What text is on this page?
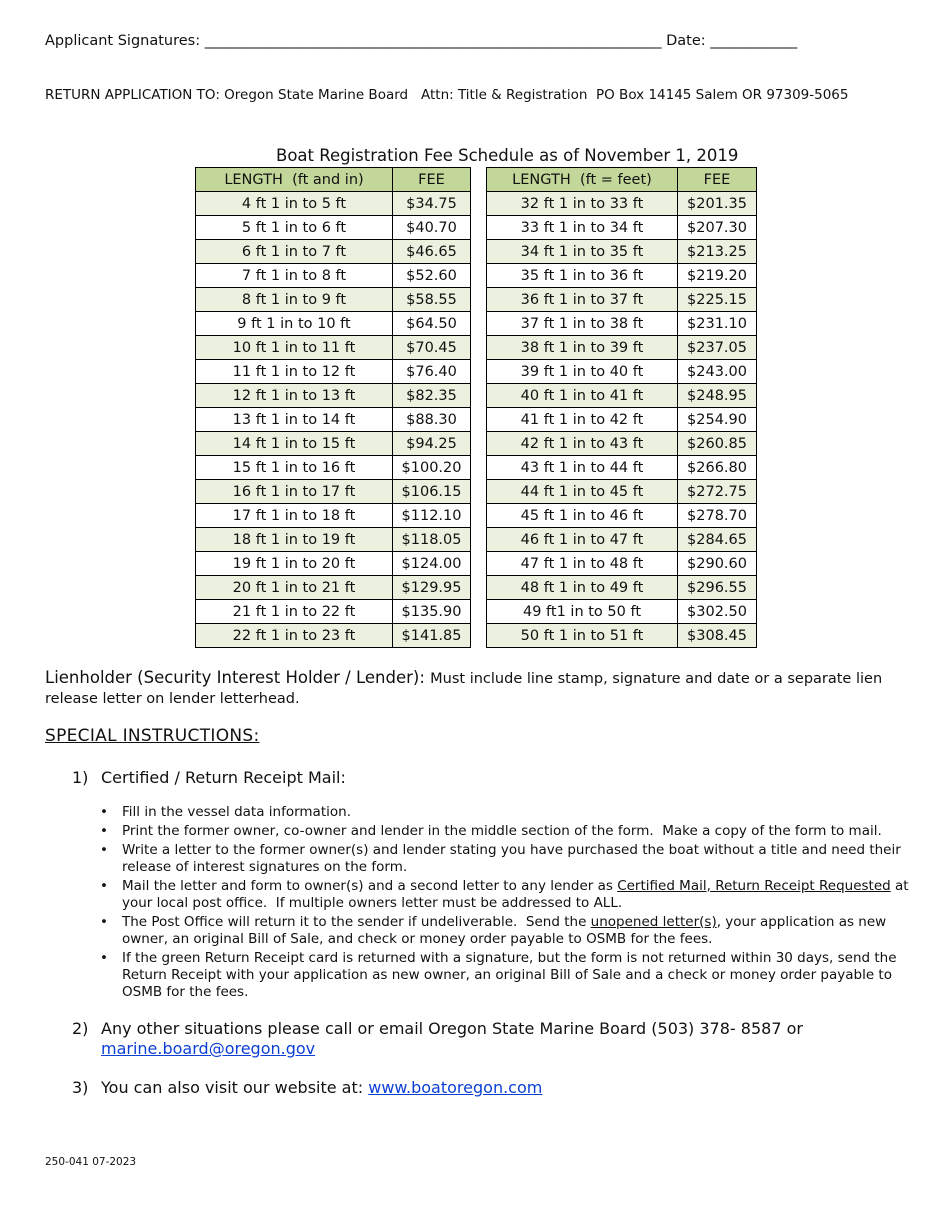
Applicant Signatures: _______________________________________________________________ Date: ____________
RETURN APPLICATION TO: Oregon State Marine Board   Attn: Title & Registration  PO Box 14145 Salem OR 97309-5065
Boat Registration Fee Schedule as of November 1, 2019
LENGTH  (ft and in)	FEE
4 ft 1 in to 5 ft	$34.75
5 ft 1 in to 6 ft	$40.70
6 ft 1 in to 7 ft	$46.65
7 ft 1 in to 8 ft	$52.60
8 ft 1 in to 9 ft	$58.55
9 ft 1 in to 10 ft	$64.50
10 ft 1 in to 11 ft	$70.45
11 ft 1 in to 12 ft	$76.40
12 ft 1 in to 13 ft	$82.35
13 ft 1 in to 14 ft	$88.30
14 ft 1 in to 15 ft	$94.25
15 ft 1 in to 16 ft	$100.20
16 ft 1 in to 17 ft	$106.15
17 ft 1 in to 18 ft	$112.10
18 ft 1 in to 19 ft	$118.05
19 ft 1 in to 20 ft	$124.00
20 ft 1 in to 21 ft	$129.95
21 ft 1 in to 22 ft	$135.90
22 ft 1 in to 23 ft	$141.85
LENGTH  (ft = feet)	FEE
32 ft 1 in to 33 ft	$201.35
33 ft 1 in to 34 ft	$207.30
34 ft 1 in to 35 ft	$213.25
35 ft 1 in to 36 ft	$219.20
36 ft 1 in to 37 ft	$225.15
37 ft 1 in to 38 ft	$231.10
38 ft 1 in to 39 ft	$237.05
39 ft 1 in to 40 ft	$243.00
40 ft 1 in to 41 ft	$248.95
41 ft 1 in to 42 ft	$254.90
42 ft 1 in to 43 ft	$260.85
43 ft 1 in to 44 ft	$266.80
44 ft 1 in to 45 ft	$272.75
45 ft 1 in to 46 ft	$278.70
46 ft 1 in to 47 ft	$284.65
47 ft 1 in to 48 ft	$290.60
48 ft 1 in to 49 ft	$296.55
49 ft1 in to 50 ft	$302.50
50 ft 1 in to 51 ft	$308.45
Lienholder (Security Interest Holder / Lender): Must include line stamp, signature and date or a separate lien release letter on lender letterhead.
SPECIAL INSTRUCTIONS:
1) Certified / Return Receipt Mail:
• Fill in the vessel data information.
• Print the former owner, co-owner and lender in the middle section of the form.  Make a copy of the form to mail.
• Write a letter to the former owner(s) and lender stating you have purchased the boat without a title and need their release of interest signatures on the form.
• Mail the letter and form to owner(s) and a second letter to any lender as Certified Mail, Return Receipt Requested at your local post office.  If multiple owners letter must be addressed to ALL.
• The Post Office will return it to the sender if undeliverable.  Send the unopened letter(s), your application as new owner, an original Bill of Sale, and check or money order payable to OSMB for the fees.
• If the green Return Receipt card is returned with a signature, but the form is not returned within 30 days, send the Return Receipt with your application as new owner, an original Bill of Sale and a check or money order payable to OSMB for the fees.
2) Any other situations please call or email Oregon State Marine Board (503) 378- 8587 or marine.board@oregon.gov
3) You can also visit our website at: www.boatoregon.com
250-041 07-2023
